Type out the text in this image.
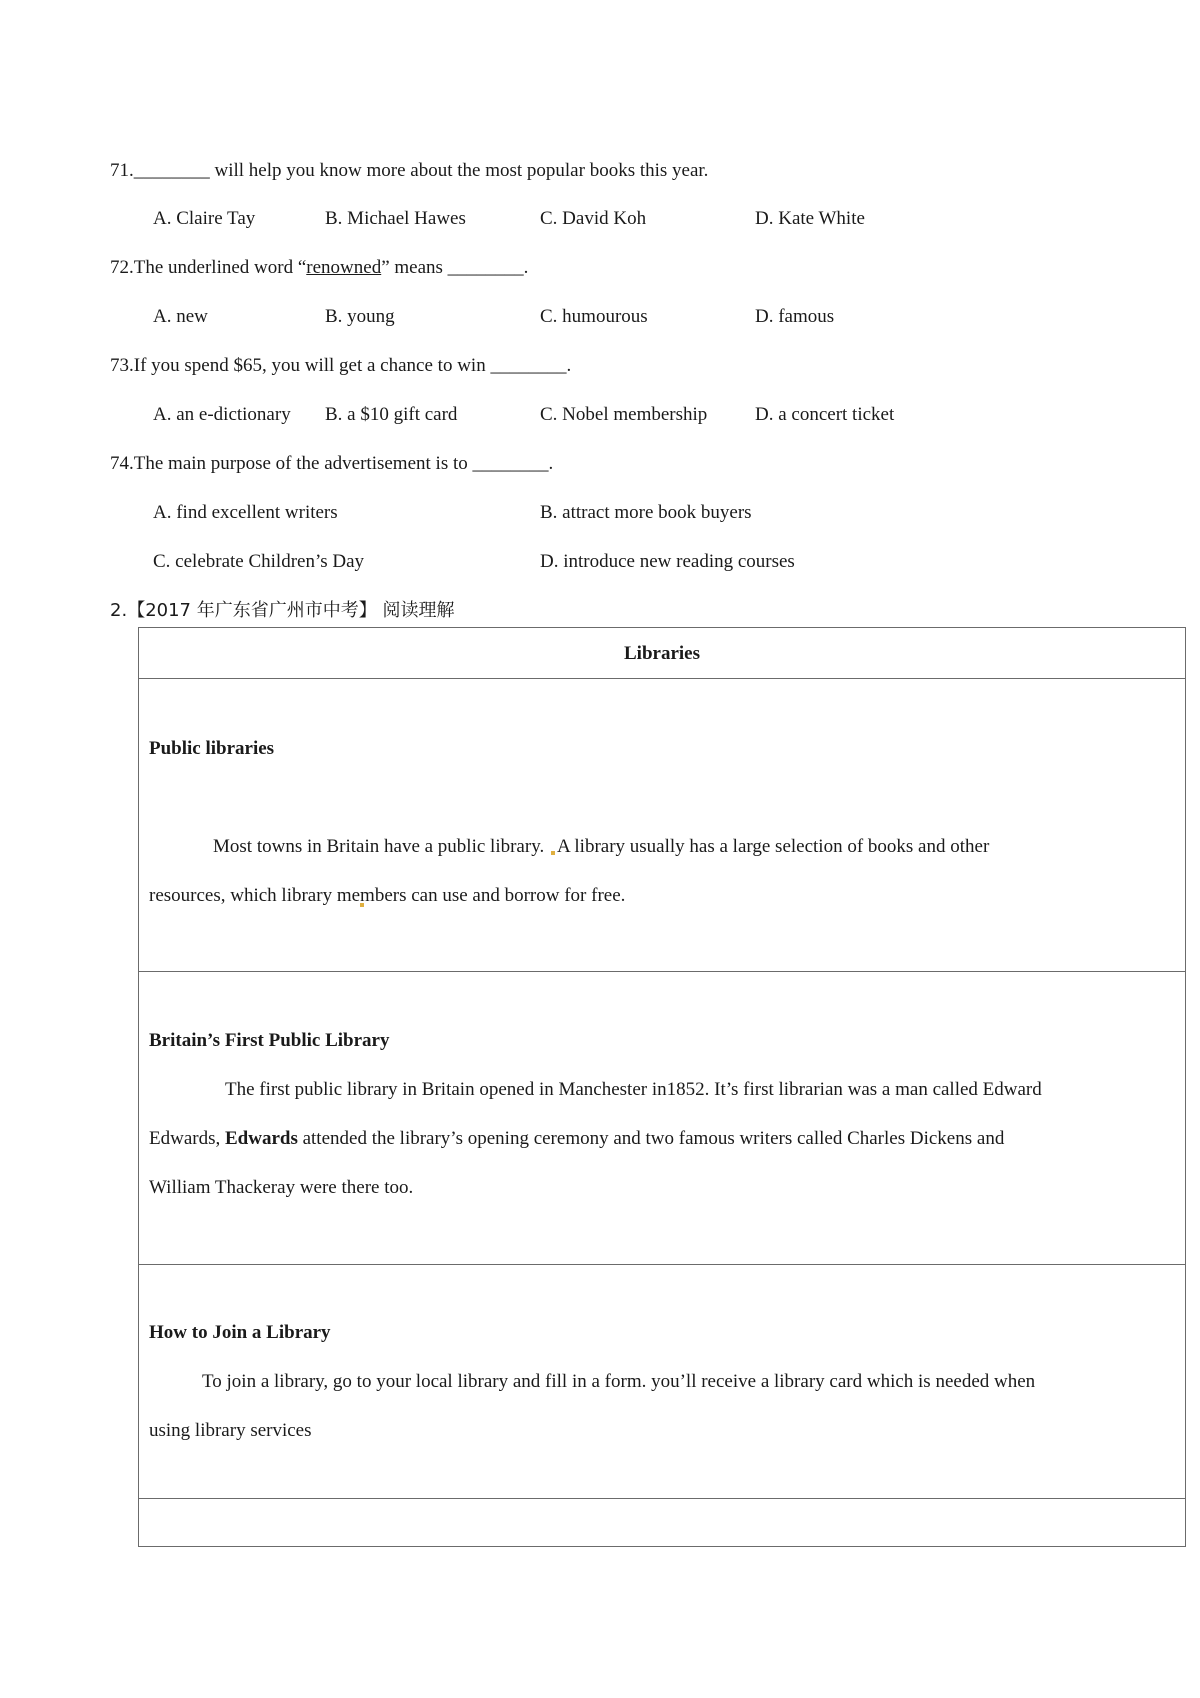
71.________ will help you know more about the most popular books this year.
A. Claire Tay	B. Michael Hawes	C. David Koh	D. Kate White
72.The underlined word “renowned” means ________.
A. new	B. young	C. humourous	D. famous
73.If you spend $65, you will get a chance to win ________.
A. an e-dictionary B. a $10 gift card	C. Nobel membership	D. a concert ticket
74.The main purpose of the advertisement is to ________.
A. find excellent writers	B. attract more book buyers
C. celebrate Children’s Day	D. introduce new reading courses
2.【2017 年广东省广州市中考】 阅读理解
Libraries
Public libraries
Most towns in Britain have a public library. A library usually has a large selection of books and other
resources, which library members can use and borrow for free.
Britain’s First Public Library
The first public library in Britain opened in Manchester in1852. It’s first librarian was a man called Edward
Edwards, Edwards attended the library’s opening ceremony and two famous writers called Charles Dickens and
William Thackeray were there too.
How to Join a Library
To join a library, go to your local library and fill in a form. you’ll receive a library card which is needed when
using library services
